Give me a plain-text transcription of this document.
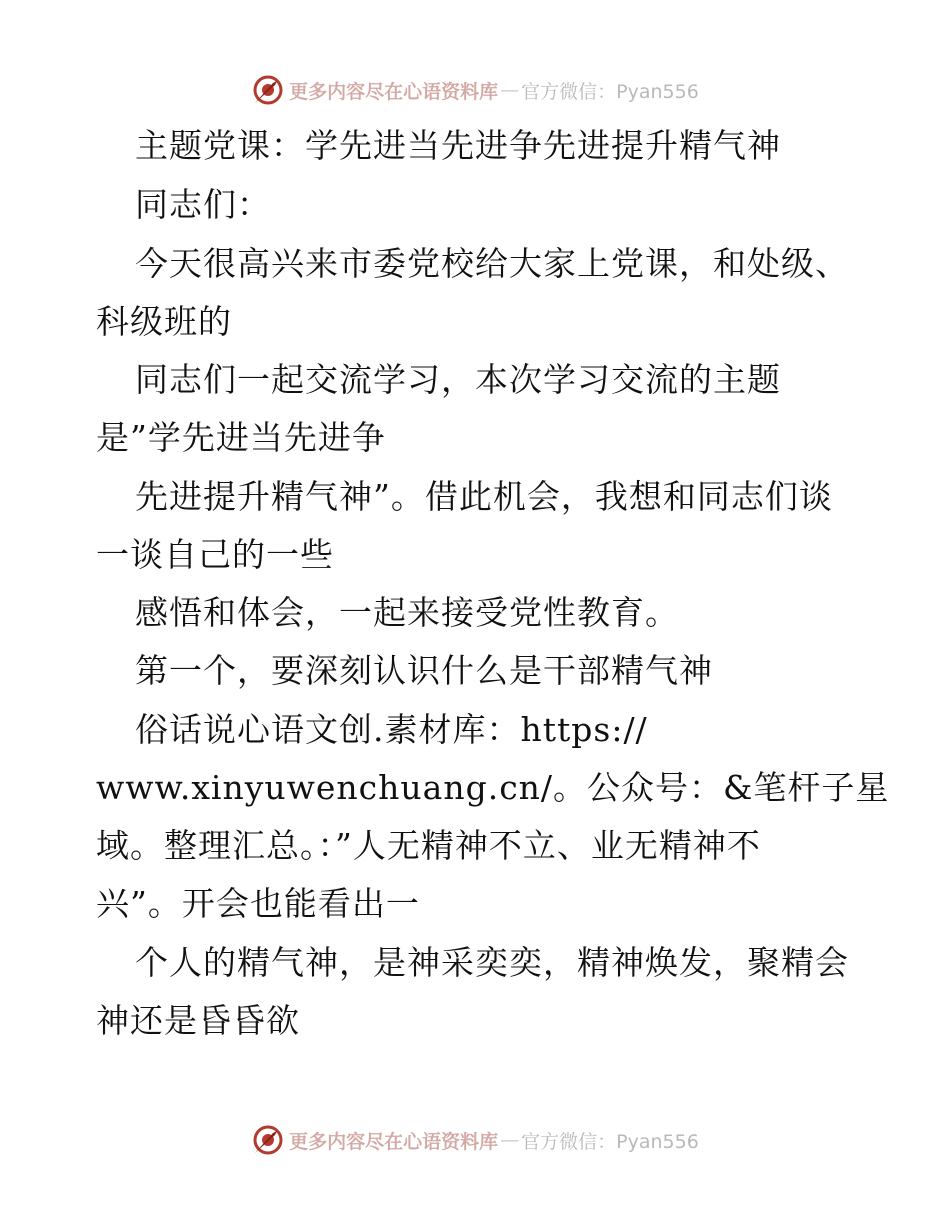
更多内容尽在心语资料库 — 官方微信：Pyan556
主题党课：学先进当先进争先进提升精气神
同志们：
今天很高兴来市委党校给大家上党课，和处级、
科级班的
同志们一起交流学习，本次学习交流的主题
是”学先进当先进争
先进提升精气神”。借此机会，我想和同志们谈
一谈自己的一些
感悟和体会，一起来接受党性教育。
第一个，要深刻认识什么是干部精气神
俗话说心语文创.素材库：https://
www.xinyuwenchuang.cn/。公众号：&笔杆子星
域。整理汇总。：”人无精神不立、业无精神不
兴”。开会也能看出一
个人的精气神，是神采奕奕，精神焕发，聚精会
神还是昏昏欲
更多内容尽在心语资料库 — 官方微信：Pyan556
